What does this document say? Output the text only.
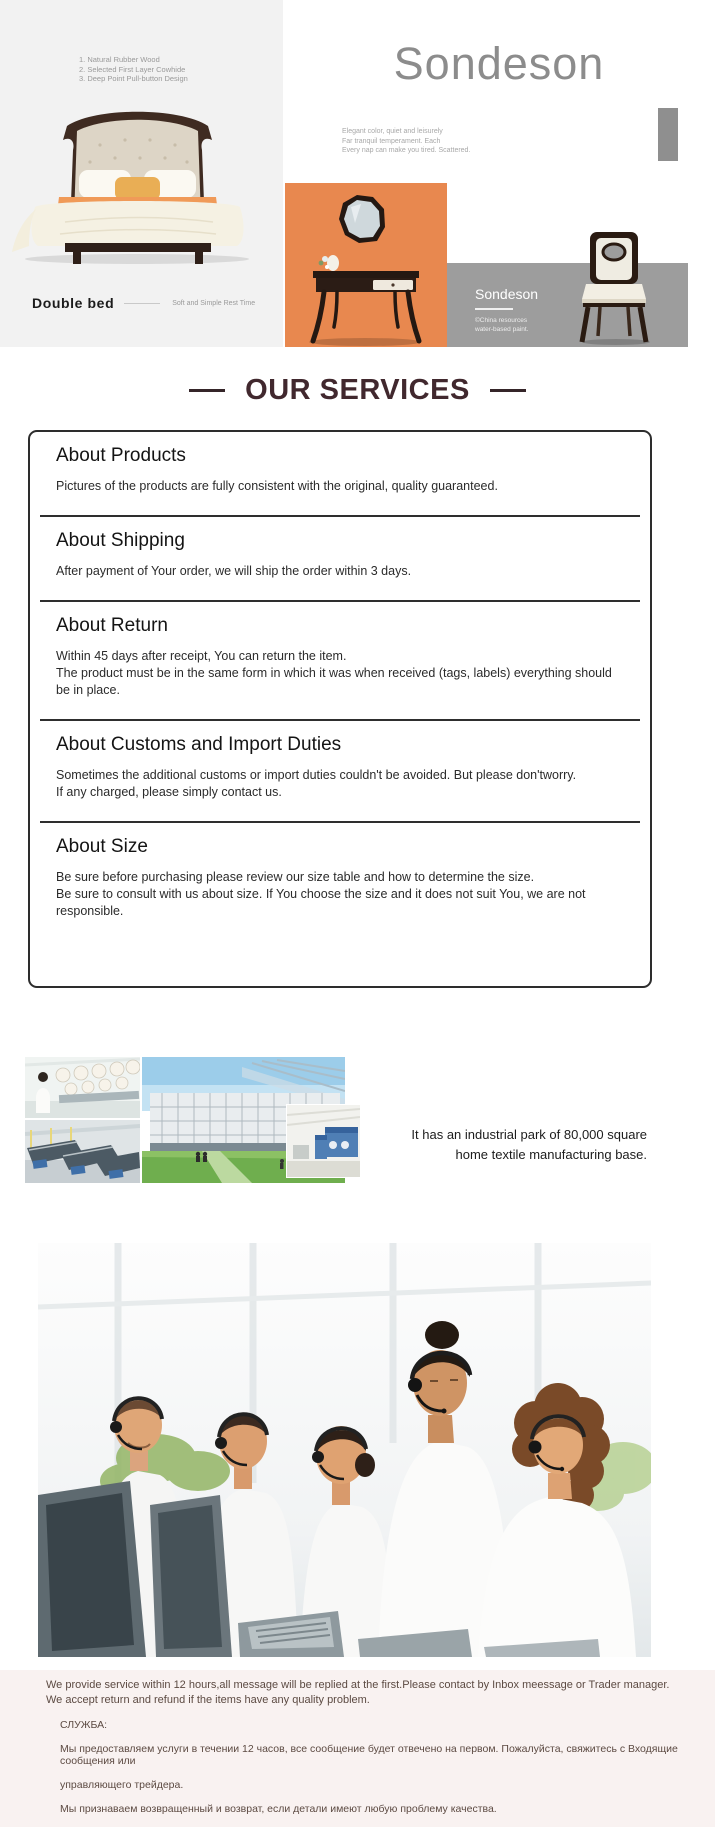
1. Natural Rubber Wood
2. Selected First Layer Cowhide
3. Deep Point Pull-button Design
Double bed	Soft and Simple Rest Time
Sondeson
Elegant color, quiet and leisurely
Far tranquil temperament. Each
Every nap can make you tired. Scattered.
Sondeson
©China resources
water-based paint.
OUR SERVICES
About Products
Pictures of the products are fully consistent with the original, quality guaranteed.
About Shipping
After payment of Your order, we will ship the order within 3 days.
About Return
Within 45 days after receipt, You can return the item.
The product must be in the same form in which it was when received (tags, labels) everything should be in place.
About Customs and Import Duties
Sometimes the additional customs or import duties couldn't be avoided. But please don'tworry.
If any charged, please simply contact us.
About Size
Be sure before purchasing please review our size table and how to determine the size.
Be sure to consult with us about size. If You choose the size and it does not suit You, we are not responsible.
It has an industrial park of 80,000 square
home textile manufacturing base.
We provide service within 12 hours,all message will be replied at the first.Please contact by Inbox meessage or Trader manager.
We accept return and refund if the items have any quality problem.
СЛУЖБА:
Мы предоставляем услуги в течении 12 часов, все сообщение будет отвечено на первом. Пожалуйста, свяжитесь с Входящие сообщения или
управляющего трейдера.
Мы признаваем возвращенный и возврат, если детали имеют любую проблему качества.
